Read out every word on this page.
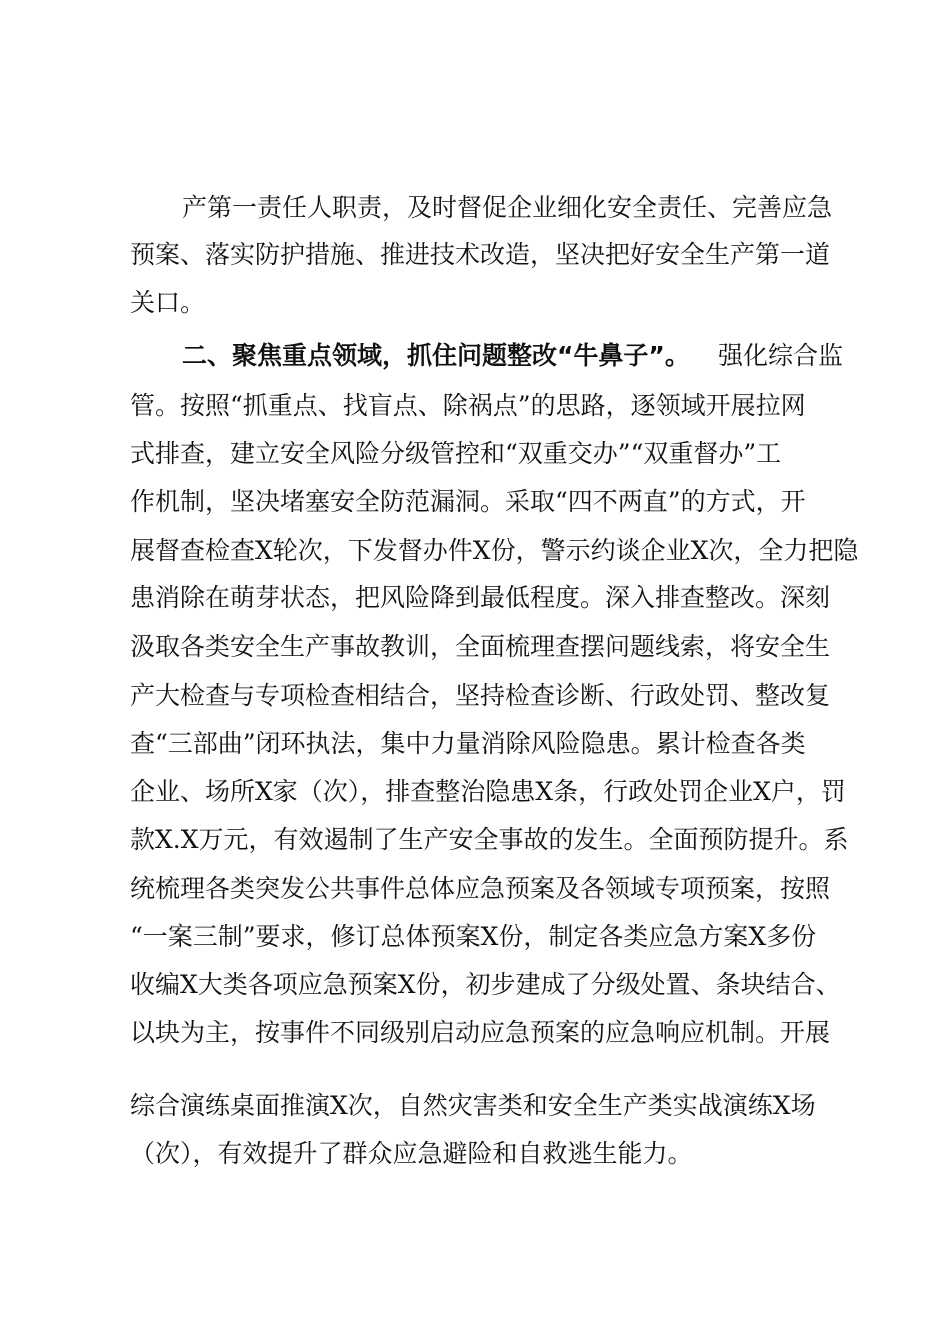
产第一责任人职责，及时督促企业细化安全责任、完善应急
预案、落实防护措施、推进技术改造，坚决把好安全生产第一道
关口。
二、聚焦重点领域，抓住问题整改“牛鼻子”。 强化综合监
管。按照“抓重点、找盲点、除祸点”的思路，逐领域开展拉网
式排查，建立安全风险分级管控和“双重交办”“双重督办”工
作机制，坚决堵塞安全防范漏洞。采取“四不两直”的方式，开
展督查检查X轮次，下发督办件X份，警示约谈企业X次，全力把隐
患消除在萌芽状态，把风险降到最低程度。深入排查整改。深刻
汲取各类安全生产事故教训，全面梳理查摆问题线索，将安全生
产大检查与专项检查相结合，坚持检查诊断、行政处罚、整改复
查“三部曲”闭环执法，集中力量消除风险隐患。累计检查各类
企业、场所X家（次），排查整治隐患X条，行政处罚企业X户，罚
款X.X万元，有效遏制了生产安全事故的发生。全面预防提升。系
统梳理各类突发公共事件总体应急预案及各领域专项预案，按照
“一案三制”要求，修订总体预案X份，制定各类应急方案X多份
收编X大类各项应急预案X份，初步建成了分级处置、条块结合、
以块为主，按事件不同级别启动应急预案的应急响应机制。开展
综合演练桌面推演X次，自然灾害类和安全生产类实战演练X场
（次），有效提升了群众应急避险和自救逃生能力。
